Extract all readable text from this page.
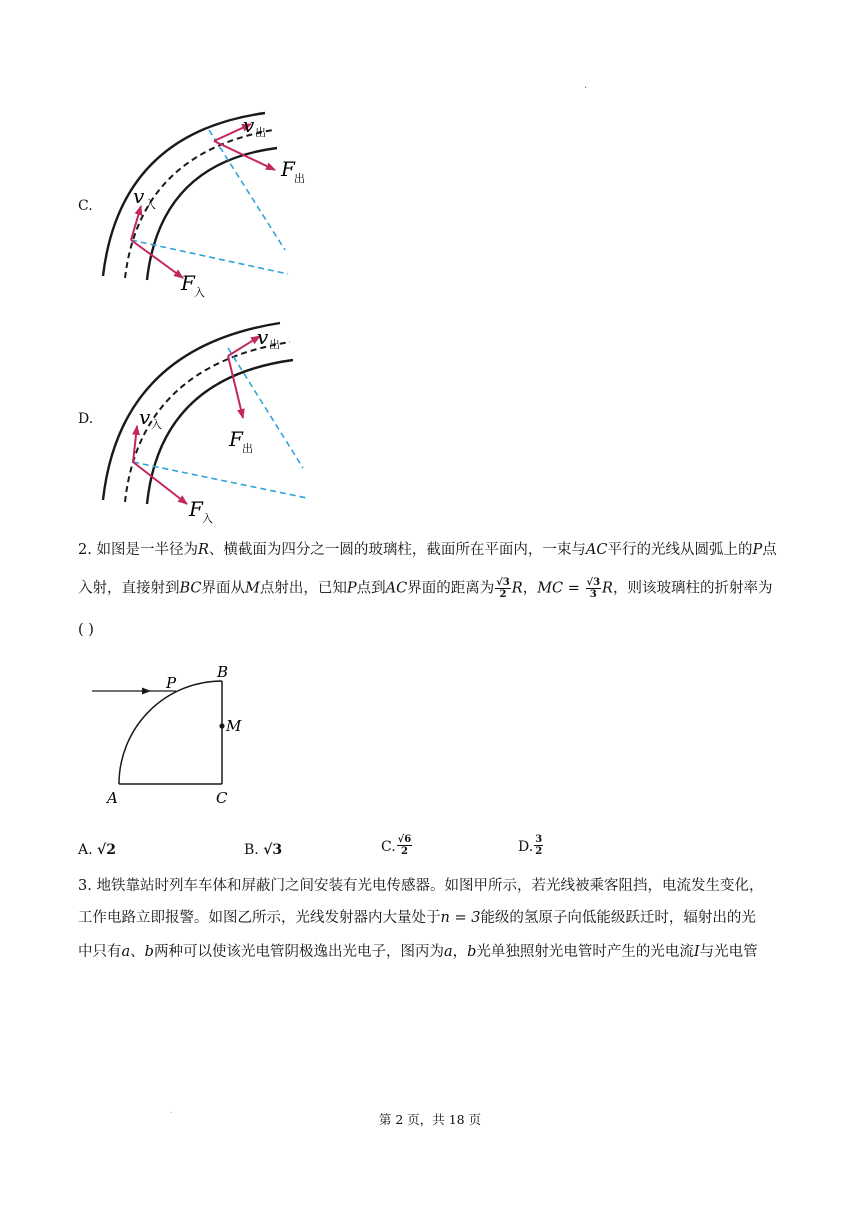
.
C.
v 出
F 出
v 入
F 入
D.
v 出
F 出
v 入
F 入
2. 如图是一半径为R、横截面为四分之一圆的玻璃柱，截面所在平面内，一束与AC平行的光线从圆弧上的P点
入射，直接射到BC界面从M点射出，已知P点到AC界面的距离为 $\frac{√3}{2}$ R，MC = $\frac{√3}{3}$ R，则该玻璃柱的折射率为
( )
P
B
M
A	C
A. √2	B. √3	C. $\frac{√6}{2}$	D. $\frac{3}{2}$
3. 地铁靠站时列车车体和屏蔽门之间安装有光电传感器。如图甲所示，若光线被乘客阻挡，电流发生变化，
工作电路立即报警。如图乙所示，光线发射器内大量处于n = 3能级的氢原子向低能级跃迁时，辐射出的光
中只有a、b两种可以使该光电管阴极逸出光电子，图丙为a，b光单独照射光电管时产生的光电流I与光电管
.
第 2 页，共 18 页
